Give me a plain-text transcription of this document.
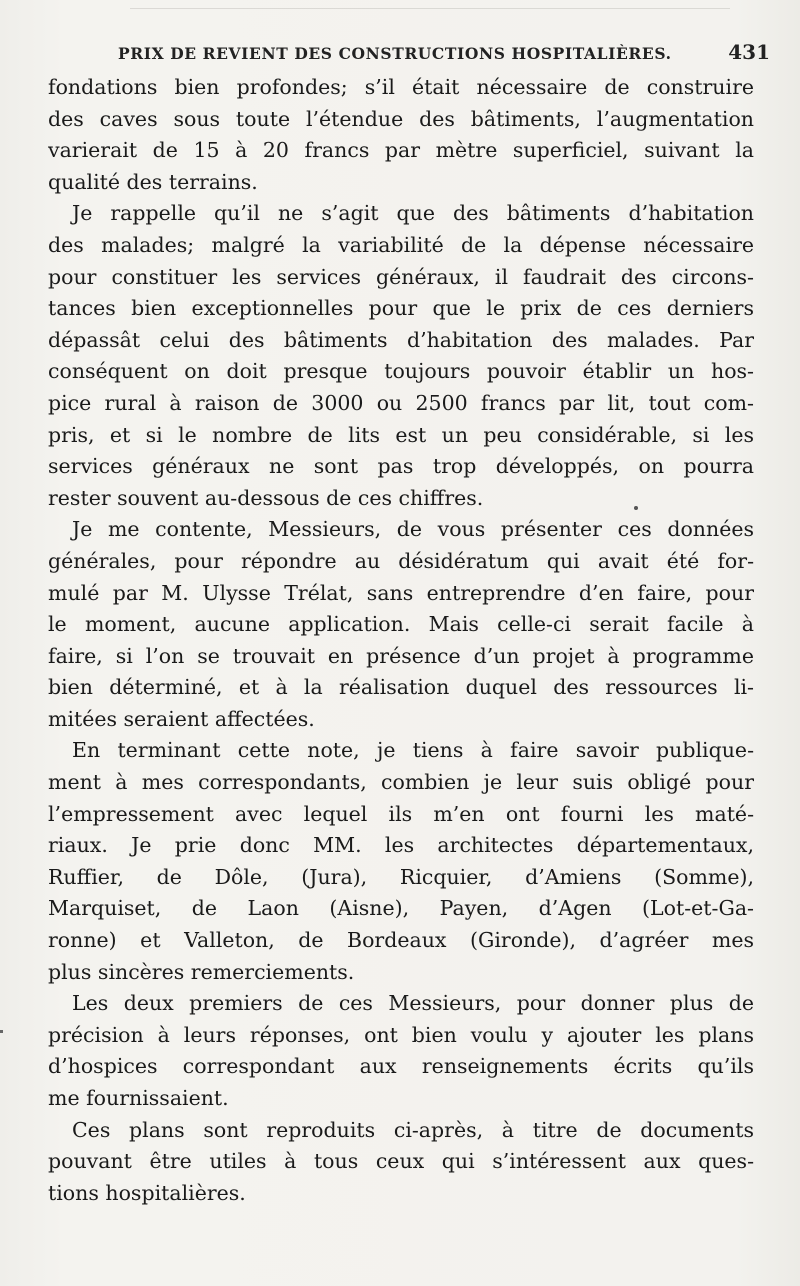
PRIX DE REVIENT DES CONSTRUCTIONS HOSPITALIÈRES.	431
fondations bien profondes; s’il était nécessaire de construire
des caves sous toute l’étendue des bâtiments, l’augmentation
varierait de 15 à 20 francs par mètre superficiel, suivant la
qualité des terrains.
Je rappelle qu’il ne s’agit que des bâtiments d’habitation
des malades; malgré la variabilité de la dépense nécessaire
pour constituer les services généraux, il faudrait des circons-
tances bien exceptionnelles pour que le prix de ces derniers
dépassât celui des bâtiments d’habitation des malades. Par
conséquent on doit presque toujours pouvoir établir un hos-
pice rural à raison de 3000 ou 2500 francs par lit, tout com-
pris, et si le nombre de lits est un peu considérable, si les
services généraux ne sont pas trop développés, on pourra
rester souvent au-dessous de ces chiffres.
Je me contente, Messieurs, de vous présenter ces données
générales, pour répondre au désidératum qui avait été for-
mulé par M. Ulysse Trélat, sans entreprendre d’en faire, pour
le moment, aucune application. Mais celle-ci serait facile à
faire, si l’on se trouvait en présence d’un projet à programme
bien déterminé, et à la réalisation duquel des ressources li-
mitées seraient affectées.
En terminant cette note, je tiens à faire savoir publique-
ment à mes correspondants, combien je leur suis obligé pour
l’empressement avec lequel ils m’en ont fourni les maté-
riaux. Je prie donc MM. les architectes départementaux,
Ruffier, de Dôle, (Jura), Ricquier, d’Amiens (Somme),
Marquiset, de Laon (Aisne), Payen, d’Agen (Lot-et-Ga-
ronne) et Valleton, de Bordeaux (Gironde), d’agréer mes
plus sincères remerciements.
Les deux premiers de ces Messieurs, pour donner plus de
précision à leurs réponses, ont bien voulu y ajouter les plans
d’hospices correspondant aux renseignements écrits qu’ils
me fournissaient.
Ces plans sont reproduits ci-après, à titre de documents
pouvant être utiles à tous ceux qui s’intéressent aux ques-
tions hospitalières.
